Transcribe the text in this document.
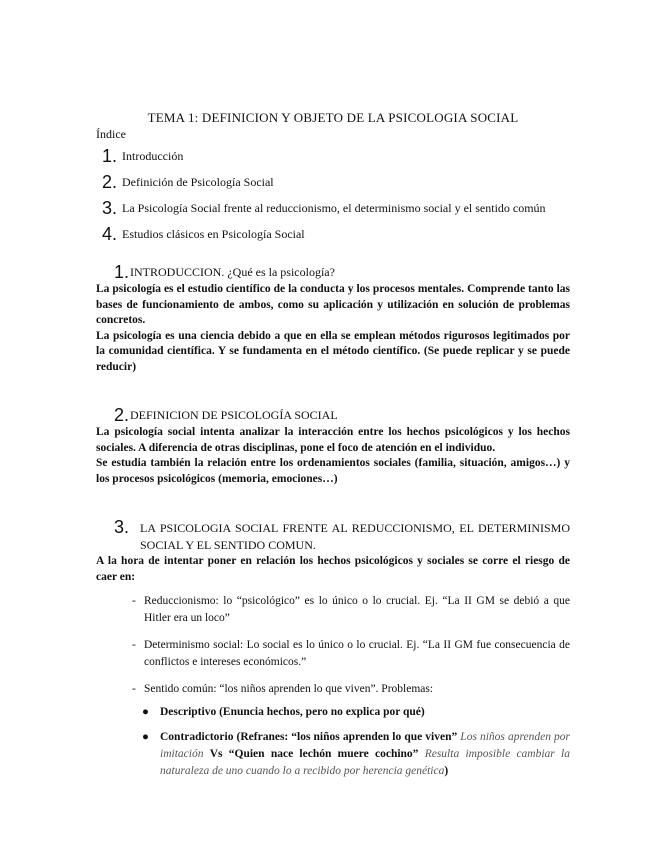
TEMA 1: DEFINICION Y OBJETO DE LA PSICOLOGIA SOCIAL
Índice
1. Introducción
2. Definición de Psicología Social
3. La Psicología Social frente al reduccionismo, el determinismo social y el sentido común
4. Estudios clásicos en Psicología Social
1. INTRODUCCION. ¿Qué es la psicología?

La psicología es el estudio científico de la conducta y los procesos mentales. Comprende tanto las bases de funcionamiento de ambos, como su aplicación y utilización en solución de problemas concretos.

La psicología es una ciencia debido a que en ella se emplean métodos rigurosos legitimados por la comunidad científica. Y se fundamenta en el método científico. (Se puede replicar y se puede reducir)

2. DEFINICION DE PSICOLOGÍA SOCIAL

La psicología social intenta analizar la interacción entre los hechos psicológicos y los hechos sociales. A diferencia de otras disciplinas, pone el foco de atención en el individuo.

Se estudia también la relación entre los ordenamientos sociales (familia, situación, amigos…) y los procesos psicológicos (memoria, emociones…)

3. LA PSICOLOGIA SOCIAL FRENTE AL REDUCCIONISMO, EL DETERMINISMO SOCIAL Y EL SENTIDO COMUN.

A la hora de intentar poner en relación los hechos psicológicos y sociales se corre el riesgo de caer en:

- Reduccionismo: lo “psicológico” es lo único o lo crucial. Ej. “La II GM se debió a que Hitler era un loco”
- Determinismo social: Lo social es lo único o lo crucial. Ej. “La II GM fue consecuencia de conflictos e intereses económicos.”
- Sentido común: “los niños aprenden lo que viven”. Problemas:
● Descriptivo (Enuncia hechos, pero no explica por qué)
● Contradictorio (Refranes: “los niños aprenden lo que viven” Los niños aprenden por imitación Vs “Quien nace lechón muere cochino” Resulta imposible cambiar la naturaleza de uno cuando lo a recibido por herencia genética)
